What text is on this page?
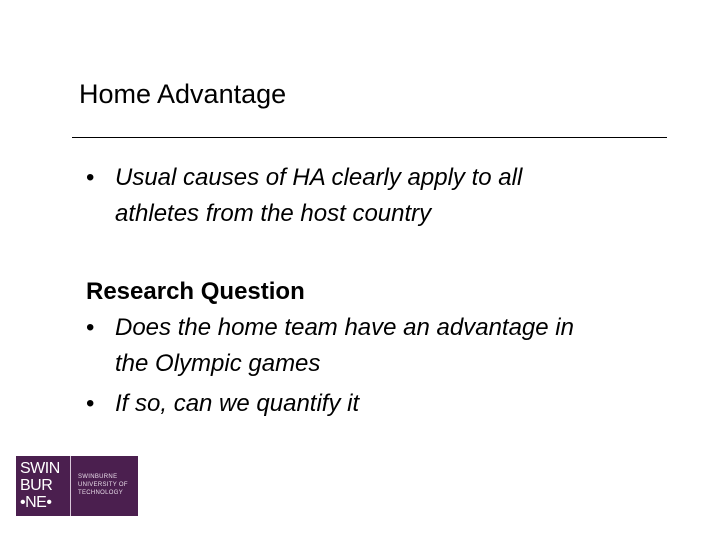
Home Advantage
• Usual causes of HA clearly apply to all
athletes from the host country
Research Question
• Does the home team have an advantage in
the Olympic games
• If so, can we quantify it
SWIN
BUR
•NE•
SWINBURNE
UNIVERSITY OF
TECHNOLOGY
